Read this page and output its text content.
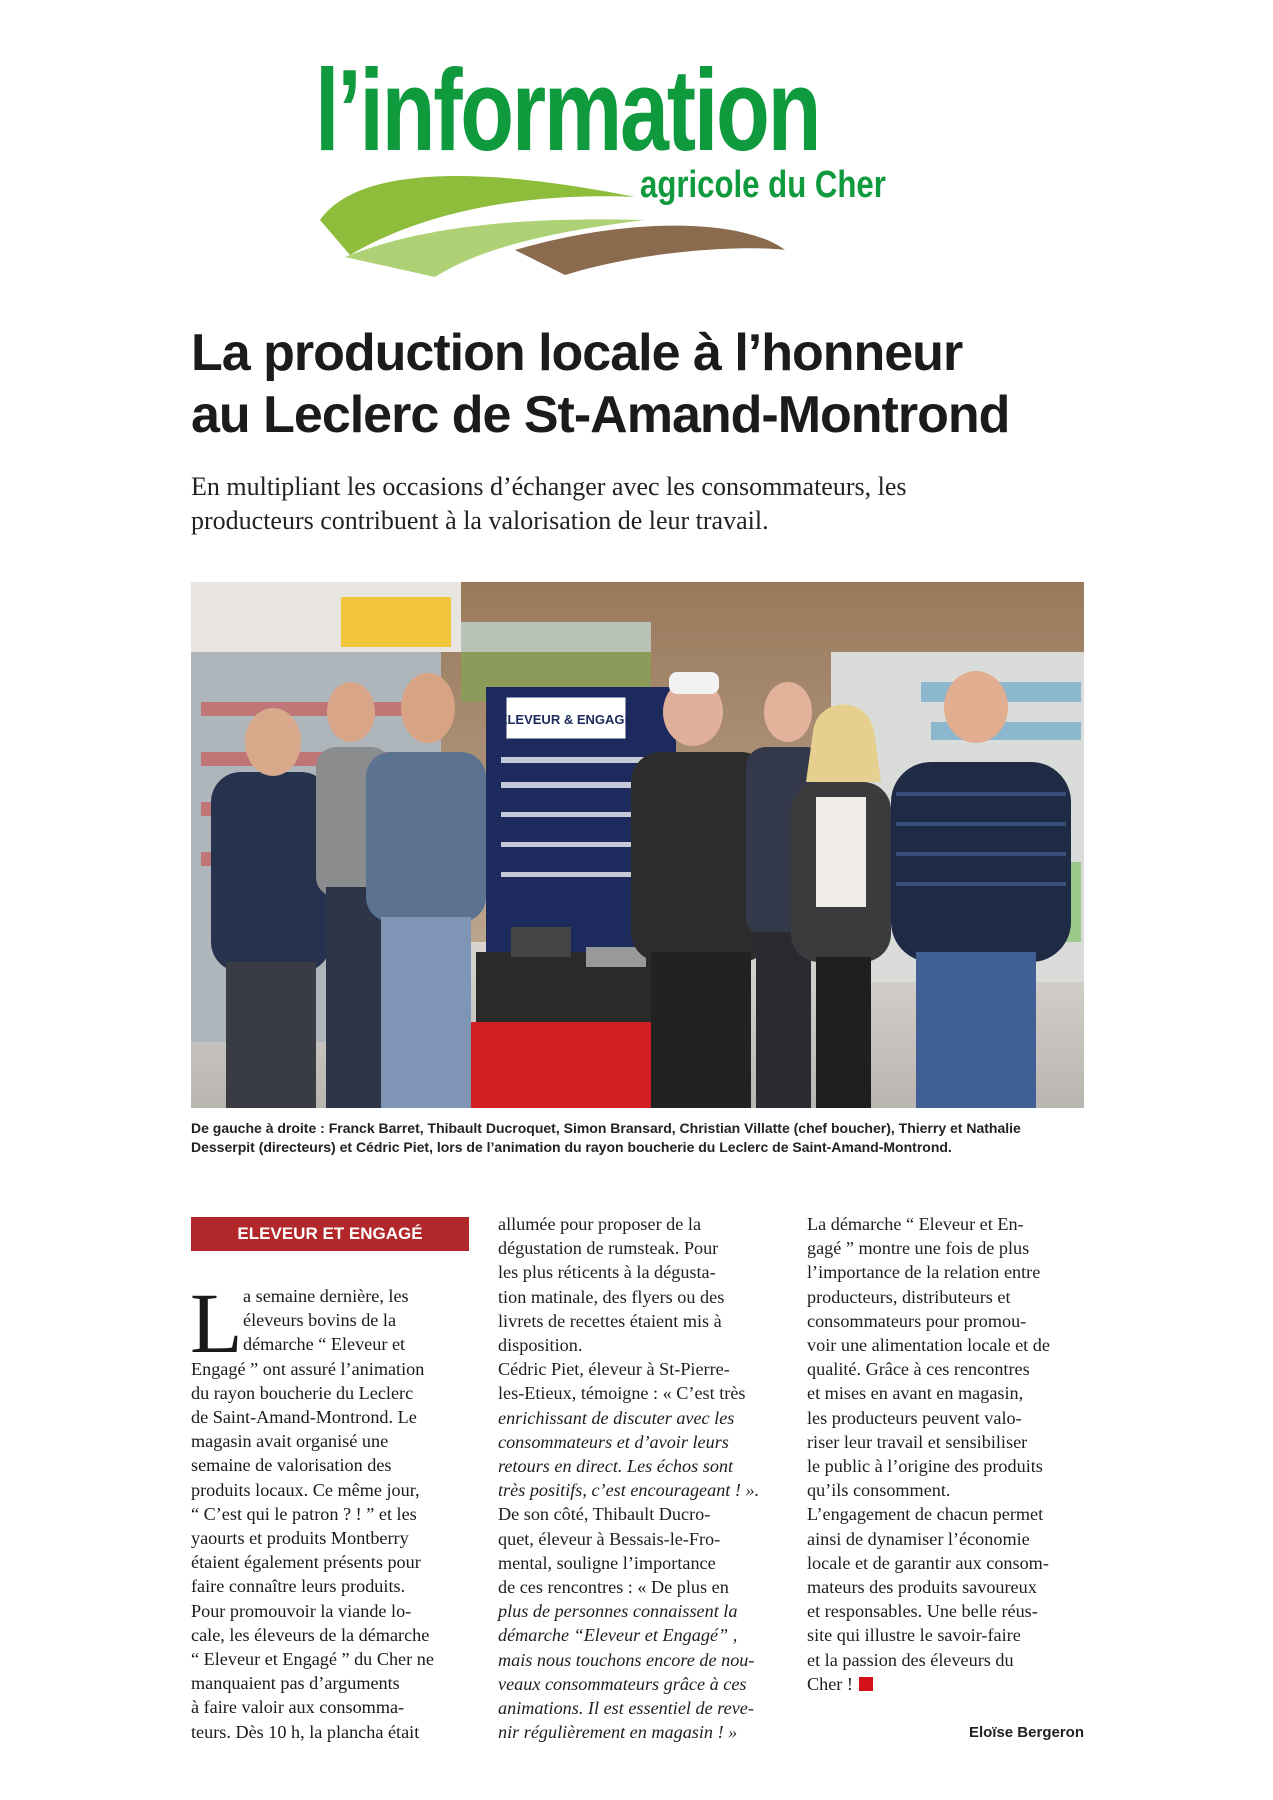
l’information
agricole du Cher
La production locale à l’honneur
au Leclerc de St-Amand-Montrond
En multipliant les occasions d’échanger avec les consommateurs, les
producteurs contribuent à la valorisation de leur travail.
ÉLEVEUR & ENGAGÉ
De gauche à droite : Franck Barret, Thibault Ducroquet, Simon Bransard, Christian Villatte (chef boucher), Thierry et Nathalie
Desserpit (directeurs) et Cédric Piet, lors de l’animation du rayon boucherie du Leclerc de Saint-Amand-Montrond.
ELEVEUR ET ENGAGÉ
L a semaine dernière, les
éleveurs bovins de la
démarche “ Eleveur et
Engagé ” ont assuré l’animation
du rayon boucherie du Leclerc
de Saint-Amand-Montrond. Le
magasin avait organisé une
semaine de valorisation des
produits locaux. Ce même jour,
“ C’est qui le patron ? ! ” et les
yaourts et produits Montberry
étaient également présents pour
faire connaître leurs produits.
Pour promouvoir la viande lo-
cale, les éleveurs de la démarche
“ Eleveur et Engagé ” du Cher ne
manquaient pas d’arguments
à faire valoir aux consomma-
teurs. Dès 10 h, la plancha était
allumée pour proposer de la
dégustation de rumsteak. Pour
les plus réticents à la dégusta-
tion matinale, des flyers ou des
livrets de recettes étaient mis à
disposition.
Cédric Piet, éleveur à St-Pierre-
les-Etieux, témoigne : « C’est très
enrichissant de discuter avec les
consommateurs et d’avoir leurs
retours en direct. Les échos sont
très positifs, c’est encourageant ! ».
De son côté, Thibault Ducro-
quet, éleveur à Bessais-le-Fro-
mental, souligne l’importance
de ces rencontres : « De plus en
plus de personnes connaissent la
démarche “Eleveur et Engagé” ,
mais nous touchons encore de nou-
veaux consommateurs grâce à ces
animations. Il est essentiel de reve-
nir régulièrement en magasin ! »
La démarche “ Eleveur et En-
gagé ” montre une fois de plus
l’importance de la relation entre
producteurs, distributeurs et
consommateurs pour promou-
voir une alimentation locale et de
qualité. Grâce à ces rencontres
et mises en avant en magasin,
les producteurs peuvent valo-
riser leur travail et sensibiliser
le public à l’origine des produits
qu’ils consomment.
L’engagement de chacun permet
ainsi de dynamiser l’économie
locale et de garantir aux consom-
mateurs des produits savoureux
et responsables. Une belle réus-
site qui illustre le savoir-faire
et la passion des éleveurs du
Cher !
Eloïse Bergeron
